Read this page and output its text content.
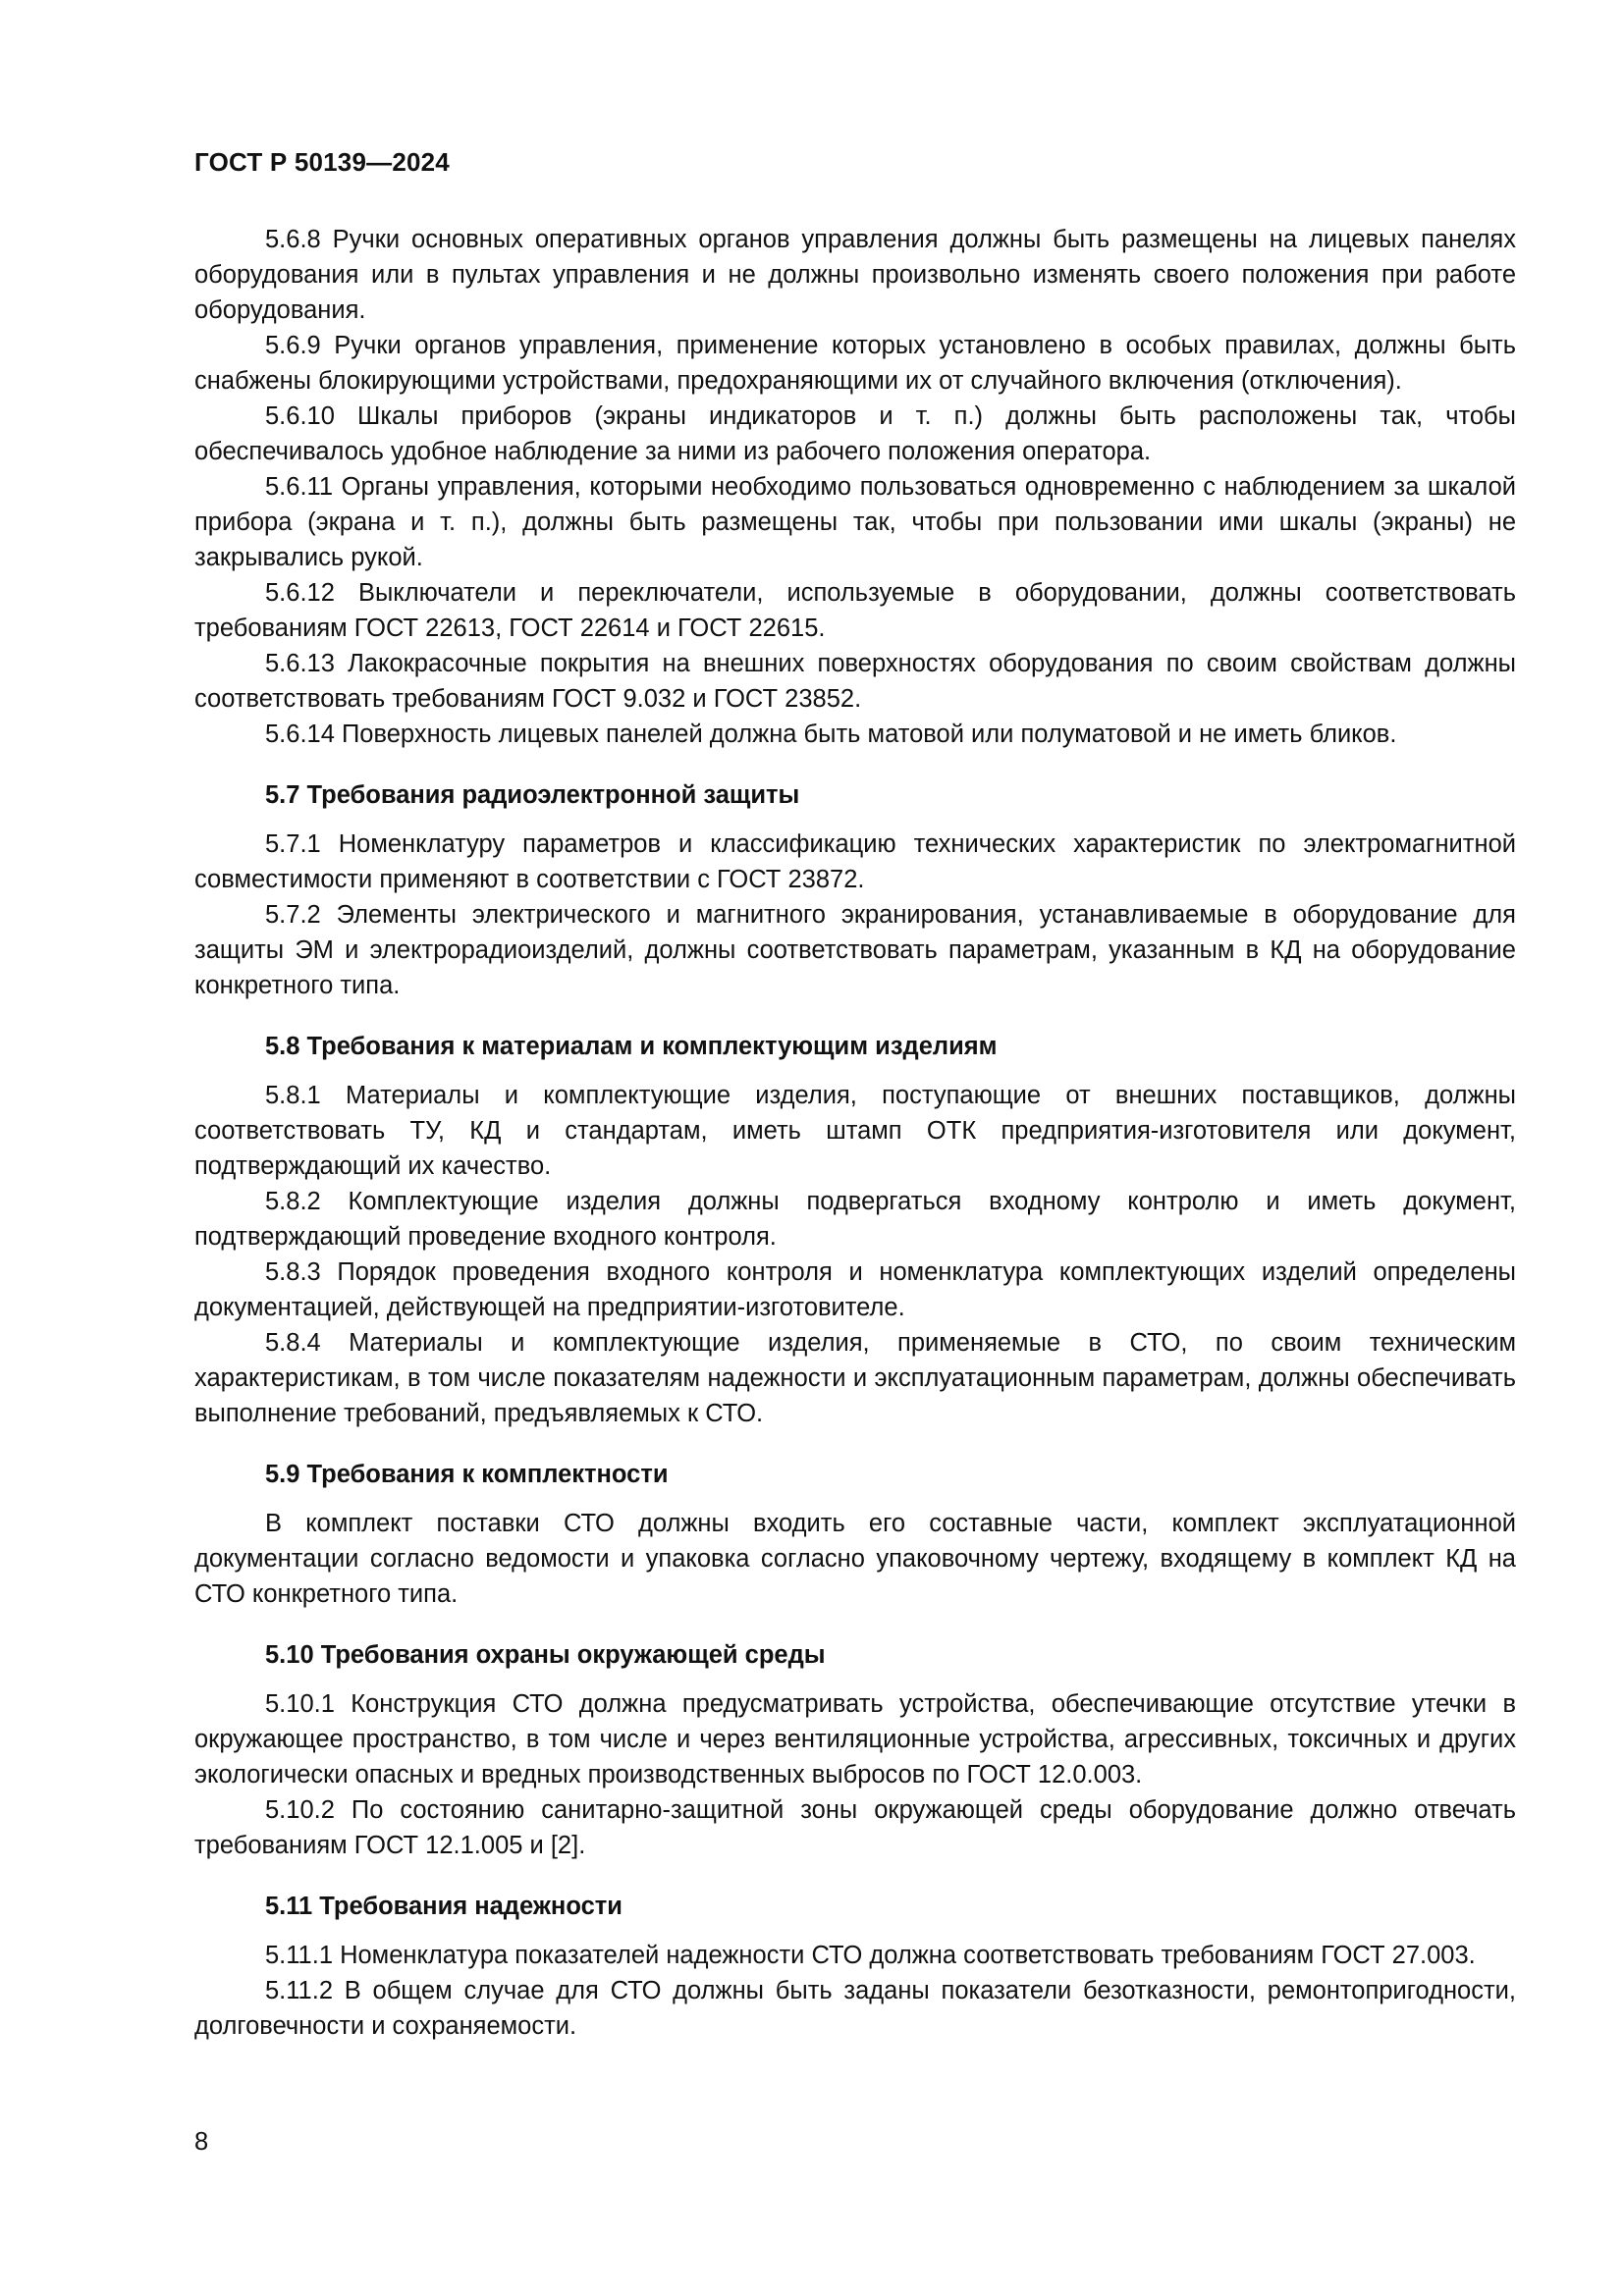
ГОСТ Р 50139—2024

5.6.8 Ручки основных оперативных органов управления должны быть размещены на лицевых панелях оборудования или в пультах управления и не должны произвольно изменять своего положения при работе оборудования.

5.6.9 Ручки органов управления, применение которых установлено в особых правилах, должны быть снабжены блокирующими устройствами, предохраняющими их от случайного включения (отключения).

5.6.10 Шкалы приборов (экраны индикаторов и т. п.) должны быть расположены так, чтобы обеспечивалось удобное наблюдение за ними из рабочего положения оператора.

5.6.11 Органы управления, которыми необходимо пользоваться одновременно с наблюдением за шкалой прибора (экрана и т. п.), должны быть размещены так, чтобы при пользовании ими шкалы (экраны) не закрывались рукой.

5.6.12 Выключатели и переключатели, используемые в оборудовании, должны соответствовать требованиям ГОСТ 22613, ГОСТ 22614 и ГОСТ 22615.

5.6.13 Лакокрасочные покрытия на внешних поверхностях оборудования по своим свойствам должны соответствовать требованиям ГОСТ 9.032 и ГОСТ 23852.

5.6.14 Поверхность лицевых панелей должна быть матовой или полуматовой и не иметь бликов.

5.7 Требования радиоэлектронной защиты

5.7.1 Номенклатуру параметров и классификацию технических характеристик по электромагнитной совместимости применяют в соответствии с ГОСТ 23872.

5.7.2 Элементы электрического и магнитного экранирования, устанавливаемые в оборудование для защиты ЭМ и электрорадиоизделий, должны соответствовать параметрам, указанным в КД на оборудование конкретного типа.

5.8 Требования к материалам и комплектующим изделиям

5.8.1 Материалы и комплектующие изделия, поступающие от внешних поставщиков, должны соответствовать ТУ, КД и стандартам, иметь штамп ОТК предприятия-изготовителя или документ, подтверждающий их качество.

5.8.2 Комплектующие изделия должны подвергаться входному контролю и иметь документ, подтверждающий проведение входного контроля.

5.8.3 Порядок проведения входного контроля и номенклатура комплектующих изделий определены документацией, действующей на предприятии-изготовителе.

5.8.4 Материалы и комплектующие изделия, применяемые в СТО, по своим техническим характеристикам, в том числе показателям надежности и эксплуатационным параметрам, должны обеспечивать выполнение требований, предъявляемых к СТО.

5.9 Требования к комплектности

В комплект поставки СТО должны входить его составные части, комплект эксплуатационной документации согласно ведомости и упаковка согласно упаковочному чертежу, входящему в комплект КД на СТО конкретного типа.

5.10 Требования охраны окружающей среды

5.10.1 Конструкция СТО должна предусматривать устройства, обеспечивающие отсутствие утечки в окружающее пространство, в том числе и через вентиляционные устройства, агрессивных, токсичных и других экологически опасных и вредных производственных выбросов по ГОСТ 12.0.003.

5.10.2 По состоянию санитарно-защитной зоны окружающей среды оборудование должно отвечать требованиям ГОСТ 12.1.005 и [2].

5.11 Требования надежности

5.11.1 Номенклатура показателей надежности СТО должна соответствовать требованиям ГОСТ 27.003.

5.11.2 В общем случае для СТО должны быть заданы показатели безотказности, ремонтопригодности, долговечности и сохраняемости.

8
